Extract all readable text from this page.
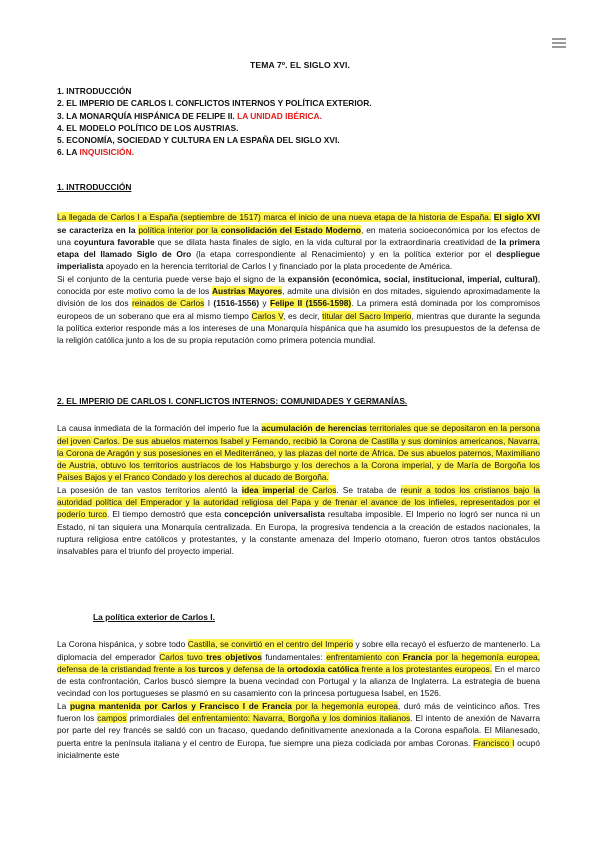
TEMA 7º. EL SIGLO XVI.
1. INTRODUCCIÓN
2. EL IMPERIO DE CARLOS I. CONFLICTOS INTERNOS Y POLÍTICA EXTERIOR.
3. LA MONARQUÍA HISPÁNICA DE FELIPE II. LA UNIDAD IBÉRICA.
4. EL MODELO POLÍTICO DE LOS AUSTRIAS.
5. ECONOMÍA, SOCIEDAD Y CULTURA EN LA ESPAÑA DEL SIGLO XVI.
6. LA INQUISICIÓN.
1. INTRODUCCIÓN

La llegada de Carlos I a España (septiembre de 1517) marca el inicio de una nueva etapa de la historia de España. El siglo XVI se caracteriza en la política interior por la consolidación del Estado Moderno, en materia socioeconómica por los efectos de una coyuntura favorable que se dilata hasta finales de siglo, en la vida cultural por la extraordinaria creatividad de la primera etapa del llamado Siglo de Oro (la etapa correspondiente al Renacimiento) y en la política exterior por el despliegue imperialista apoyado en la herencia territorial de Carlos I y financiado por la plata procedente de América.

Si el conjunto de la centuria puede verse bajo el signo de la expansión (económica, social, institucional, imperial, cultural), conocida por este motivo como la de los Austrias Mayores, admite una división en dos mitades, siguiendo aproximadamente la división de los dos reinados de Carlos I (1516-1556) y Felipe II (1556-1598). La primera está dominada por los compromisos europeos de un soberano que era al mismo tiempo Carlos V, es decir, titular del Sacro Imperio, mientras que durante la segunda la política exterior responde más a los intereses de una Monarquía hispánica que ha asumido los presupuestos de la defensa de la religión católica junto a los de su propia reputación como primera potencia mundial.

2. EL IMPERIO DE CARLOS I. CONFLICTOS INTERNOS: COMUNIDADES Y GERMANÍAS.

La causa inmediata de la formación del imperio fue la acumulación de herencias territoriales que se depositaron en la persona del joven Carlos. De sus abuelos maternos Isabel y Fernando, recibió la Corona de Castilla y sus dominios americanos, Navarra, la Corona de Aragón y sus posesiones en el Mediterráneo, y las plazas del norte de África. De sus abuelos paternos, Maximiliano de Austria, obtuvo los territorios austríacos de los Habsburgo y los derechos a la Corona imperial, y de María de Borgoña los Países Bajos y el Franco Condado y los derechos al ducado de Borgoña.

La posesión de tan vastos territorios alentó la idea imperial de Carlos. Se trataba de reunir a todos los cristianos bajo la autoridad política del Emperador y la autoridad religiosa del Papa y de frenar el avance de los infieles, representados por el poderío turco. El tiempo demostró que esta concepción universalista resultaba imposible. El Imperio no logró ser nunca ni un Estado, ni tan siquiera una Monarquía centralizada. En Europa, la progresiva tendencia a la creación de estados nacionales, la ruptura religiosa entre católicos y protestantes, y la constante amenaza del Imperio otomano, fueron otros tantos obstáculos insalvables para el triunfo del proyecto imperial.

La política exterior de Carlos I.

La Corona hispánica, y sobre todo Castilla, se convirtió en el centro del Imperio y sobre ella recayó el esfuerzo de mantenerlo. La diplomacia del emperador Carlos tuvo tres objetivos fundamentales: enfrentamiento con Francia por la hegemonía europea, defensa de la cristiandad frente a los turcos y defensa de la ortodoxia católica frente a los protestantes europeos. En el marco de esta confrontación, Carlos buscó siempre la buena vecindad con Portugal y la alianza de Inglaterra. La estrategia de buena vecindad con los portugueses se plasmó en su casamiento con la princesa portuguesa Isabel, en 1526.

La pugna mantenida por Carlos y Francisco I de Francia por la hegemonía europea, duró más de veinticinco años. Tres fueron los campos primordiales del enfrentamiento: Navarra, Borgoña y los dominios italianos. El intento de anexión de Navarra por parte del rey francés se saldó con un fracaso, quedando definitivamente anexionada a la Corona española. El Milanesado, puerta entre la península italiana y el centro de Europa, fue siempre una pieza codiciada por ambas Coronas. Francisco I ocupó inicialmente este
